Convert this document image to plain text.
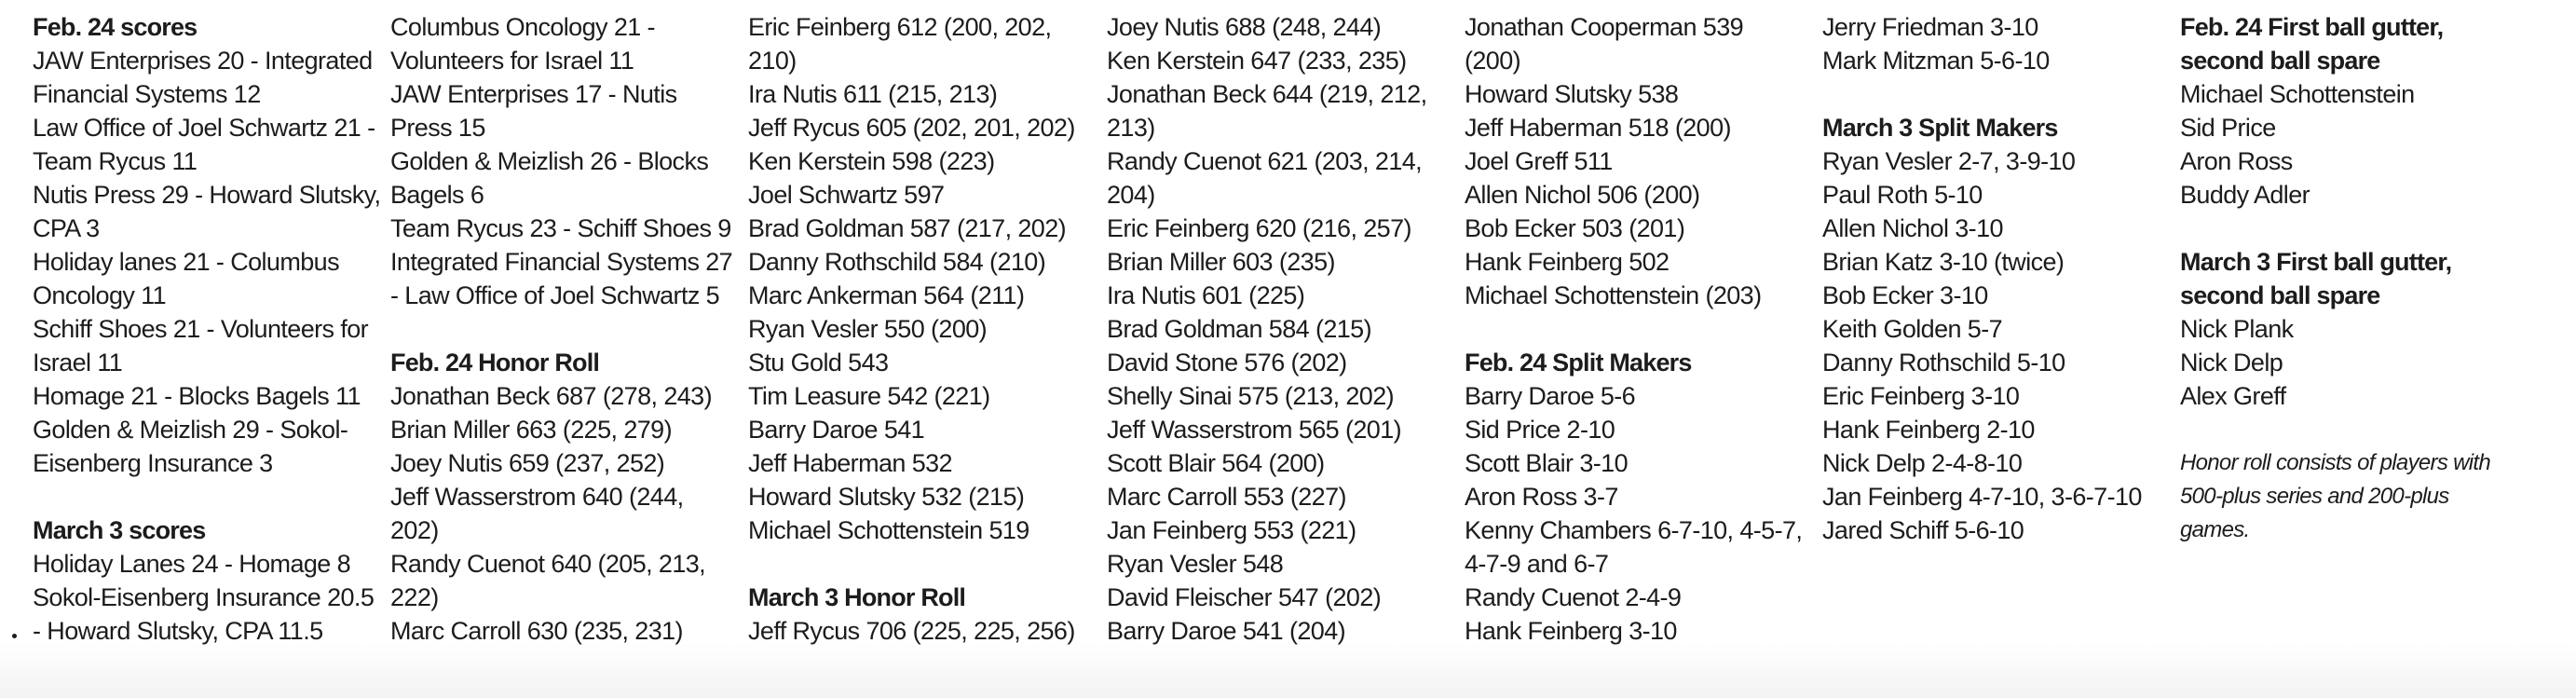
Feb. 24 scores
JAW Enterprises 20 - Integrated
Financial Systems 12
Law Office of Joel Schwartz 21 -
Team Rycus 11
Nutis Press 29 - Howard Slutsky,
CPA 3
Holiday lanes 21 - Columbus
Oncology 11
Schiff Shoes 21 - Volunteers for
Israel 11
Homage 21 - Blocks Bagels 11
Golden & Meizlish 29 - Sokol-
Eisenberg Insurance 3
March 3 scores
Holiday Lanes 24 - Homage 8
Sokol-Eisenberg Insurance 20.5
- Howard Slutsky, CPA 11.5
Columbus Oncology 21 -
Volunteers for Israel 11
JAW Enterprises 17 - Nutis
Press 15
Golden & Meizlish 26 - Blocks
Bagels 6
Team Rycus 23 - Schiff Shoes 9
Integrated Financial Systems 27
- Law Office of Joel Schwartz 5
Feb. 24 Honor Roll
Jonathan Beck 687 (278, 243)
Brian Miller 663 (225, 279)
Joey Nutis 659 (237, 252)
Jeff Wasserstrom 640 (244,
202)
Randy Cuenot 640 (205, 213,
222)
Marc Carroll 630 (235, 231)
Eric Feinberg 612 (200, 202,
210)
Ira Nutis 611 (215, 213)
Jeff Rycus 605 (202, 201, 202)
Ken Kerstein 598 (223)
Joel Schwartz 597
Brad Goldman 587 (217, 202)
Danny Rothschild 584 (210)
Marc Ankerman 564 (211)
Ryan Vesler 550 (200)
Stu Gold 543
Tim Leasure 542 (221)
Barry Daroe 541
Jeff Haberman 532
Howard Slutsky 532 (215)
Michael Schottenstein 519
March 3 Honor Roll
Jeff Rycus 706 (225, 225, 256)
Joey Nutis 688 (248, 244)
Ken Kerstein 647 (233, 235)
Jonathan Beck 644 (219, 212,
213)
Randy Cuenot 621 (203, 214,
204)
Eric Feinberg 620 (216, 257)
Brian Miller 603 (235)
Ira Nutis 601 (225)
Brad Goldman 584 (215)
David Stone 576 (202)
Shelly Sinai 575 (213, 202)
Jeff Wasserstrom 565 (201)
Scott Blair 564 (200)
Marc Carroll 553 (227)
Jan Feinberg 553 (221)
Ryan Vesler 548
David Fleischer 547 (202)
Barry Daroe 541 (204)
Jonathan Cooperman 539
(200)
Howard Slutsky 538
Jeff Haberman 518 (200)
Joel Greff 511
Allen Nichol 506 (200)
Bob Ecker 503 (201)
Hank Feinberg 502
Michael Schottenstein (203)
Feb. 24 Split Makers
Barry Daroe 5-6
Sid Price 2-10
Scott Blair 3-10
Aron Ross 3-7
Kenny Chambers 6-7-10, 4-5-7,
4-7-9 and 6-7
Randy Cuenot 2-4-9
Hank Feinberg 3-10
Jerry Friedman 3-10
Mark Mitzman 5-6-10
March 3 Split Makers
Ryan Vesler 2-7, 3-9-10
Paul Roth 5-10
Allen Nichol 3-10
Brian Katz 3-10 (twice)
Bob Ecker 3-10
Keith Golden 5-7
Danny Rothschild 5-10
Eric Feinberg 3-10
Hank Feinberg 2-10
Nick Delp 2-4-8-10
Jan Feinberg 4-7-10, 3-6-7-10
Jared Schiff 5-6-10
Feb. 24 First ball gutter,
second ball spare
Michael Schottenstein
Sid Price
Aron Ross
Buddy Adler
March 3 First ball gutter,
second ball spare
Nick Plank
Nick Delp
Alex Greff
Honor roll consists of players with
500-plus series and 200-plus
games.
